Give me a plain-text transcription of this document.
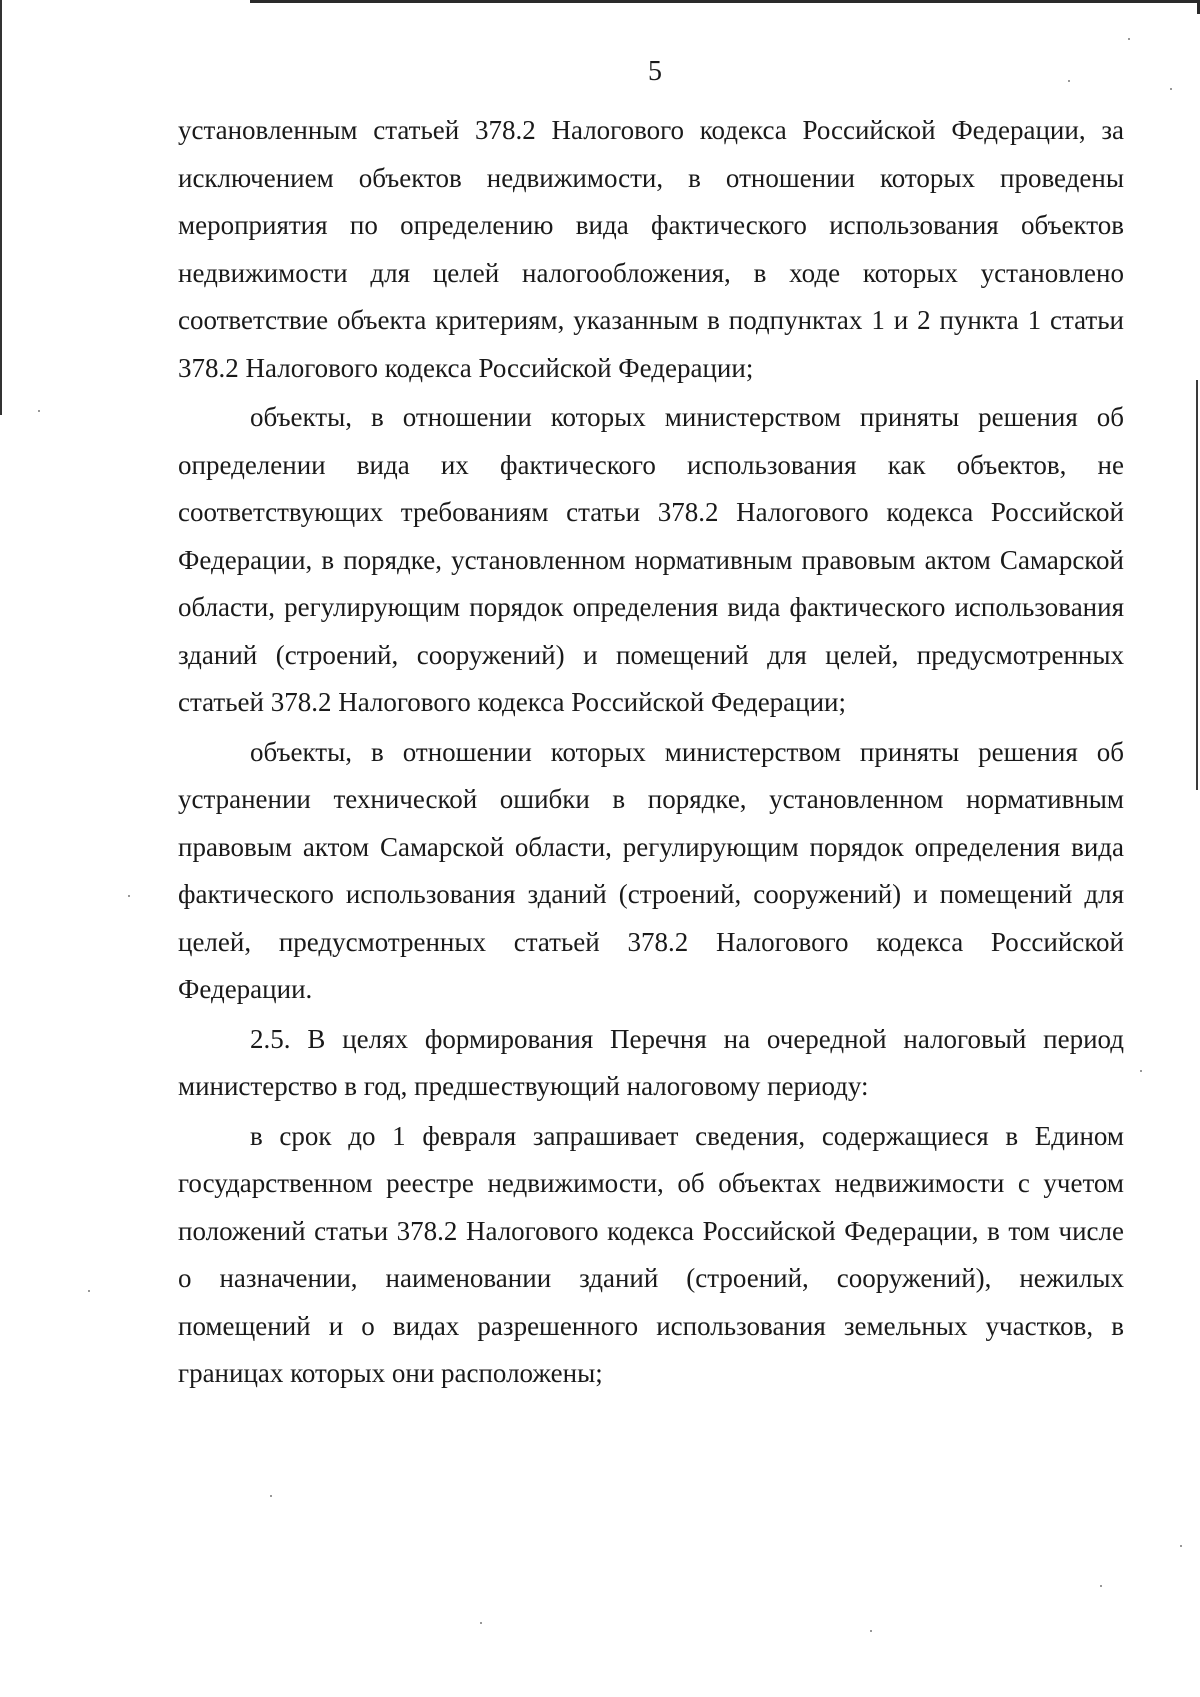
5

установленным статьей 378.2 Налогового кодекса Российской Федерации, за исключением объектов недвижимости, в отношении которых проведены мероприятия по определению вида фактического использования объектов недвижимости для целей налогообложения, в ходе которых установлено соответствие объекта критериям, указанным в подпунктах 1 и 2 пункта 1 статьи 378.2 Налогового кодекса Российской Федерации;

объекты, в отношении которых министерством приняты решения об определении вида их фактического использования как объектов, не соответствующих требованиям статьи 378.2 Налогового кодекса Российской Федерации, в порядке, установленном нормативным правовым актом Самарской области, регулирующим порядок определения вида фактического использования зданий (строений, сооружений) и помещений для целей, предусмотренных статьей 378.2 Налогового кодекса Российской Федерации;

объекты, в отношении которых министерством приняты решения об устранении технической ошибки в порядке, установленном нормативным правовым актом Самарской области, регулирующим порядок определения вида фактического использования зданий (строений, сооружений) и помещений для целей, предусмотренных статьей 378.2 Налогового кодекса Российской Федерации.

2.5. В целях формирования Перечня на очередной налоговый период министерство в год, предшествующий налоговому периоду:

в срок до 1 февраля запрашивает сведения, содержащиеся в Едином государственном реестре недвижимости, об объектах недвижимости с учетом положений статьи 378.2 Налогового кодекса Российской Федерации, в том числе о назначении, наименовании зданий (строений, сооружений), нежилых помещений и о видах разрешенного использования земельных участков, в границах которых они расположены;
